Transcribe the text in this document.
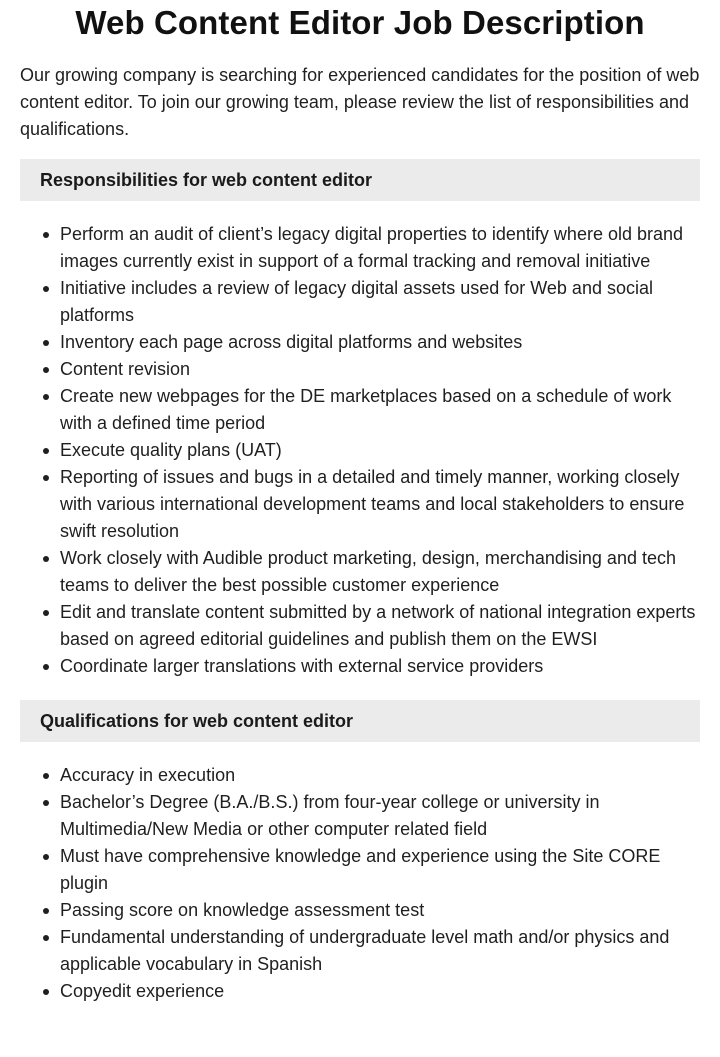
Web Content Editor Job Description

Our growing company is searching for experienced candidates for the position of web content editor. To join our growing team, please review the list of responsibilities and qualifications.

Responsibilities for web content editor
Perform an audit of client’s legacy digital properties to identify where old brand images currently exist in support of a formal tracking and removal initiative
Initiative includes a review of legacy digital assets used for Web and social platforms
Inventory each page across digital platforms and websites
Content revision
Create new webpages for the DE marketplaces based on a schedule of work with a defined time period
Execute quality plans (UAT)
Reporting of issues and bugs in a detailed and timely manner, working closely with various international development teams and local stakeholders to ensure swift resolution
Work closely with Audible product marketing, design, merchandising and tech teams to deliver the best possible customer experience
Edit and translate content submitted by a network of national integration experts based on agreed editorial guidelines and publish them on the EWSI
Coordinate larger translations with external service providers
Qualifications for web content editor
Accuracy in execution
Bachelor’s Degree (B.A./B.S.) from four-year college or university in Multimedia/New Media or other computer related field
Must have comprehensive knowledge and experience using the Site CORE plugin
Passing score on knowledge assessment test
Fundamental understanding of undergraduate level math and/or physics and applicable vocabulary in Spanish
Copyedit experience
